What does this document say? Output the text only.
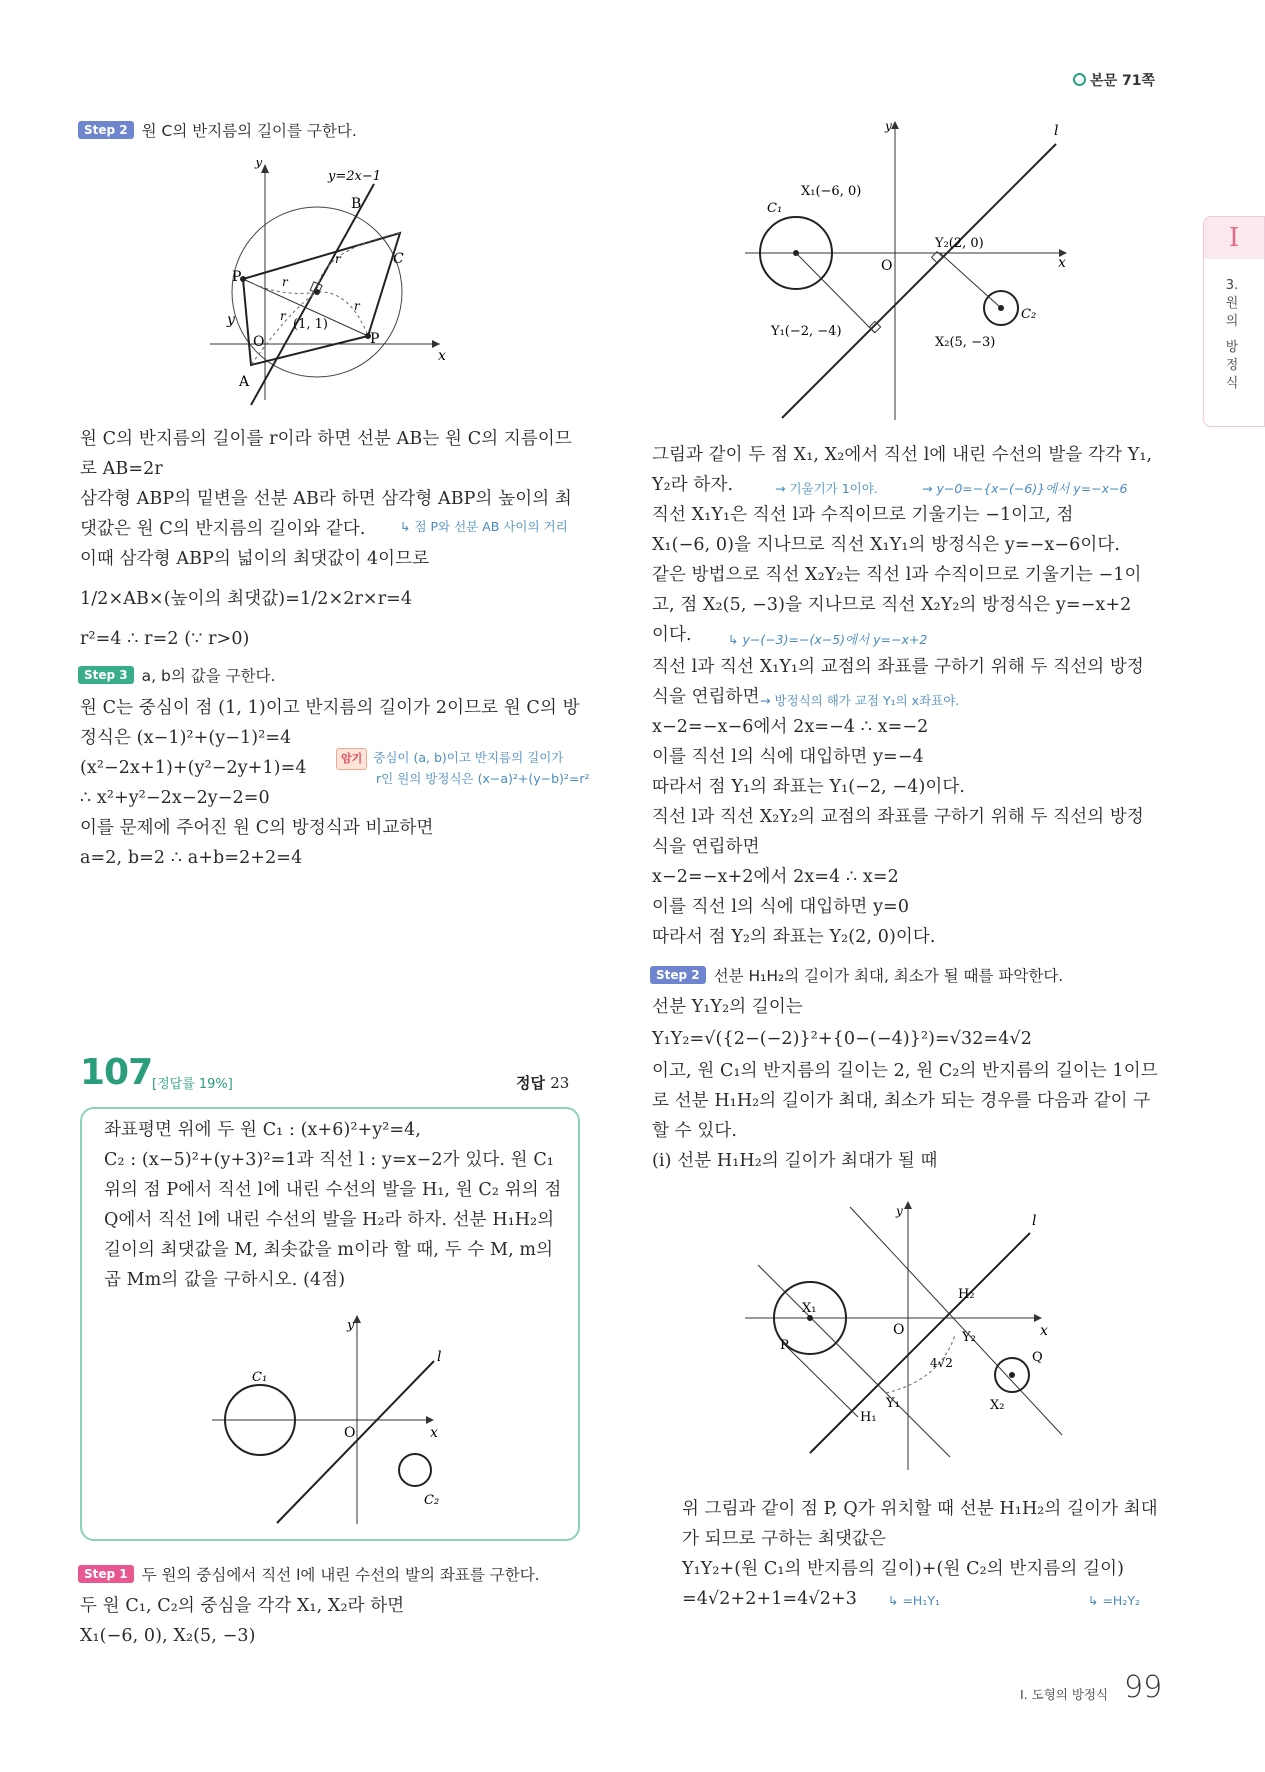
본문 71쪽
I
3.
원
의
방
정
식
Step 2 원 C의 반지름의 길이를 구한다.
y
y
y=2x−1
B
P
P
A
O
x
C
(1, 1)
r
r
r
r
원 C의 반지름의 길이를 r이라 하면 선분 AB는 원 C의 지름이므
로 AB=2r
삼각형 ABP의 밑변을 선분 AB라 하면 삼각형 ABP의 높이의 최
댓값은 원 C의 반지름의 길이와 같다.	↳ 점 P와 선분 AB 사이의 거리
이때 삼각형 ABP의 넓이의 최댓값이 4이므로
1/2×AB×(높이의 최댓값)=1/2×2r×r=4
r²=4 ∴ r=2 (∵ r>0)
Step 3 a, b의 값을 구한다.
원 C는 중심이 점 (1, 1)이고 반지름의 길이가 2이므로 원 C의 방
정식은 (x−1)²+(y−1)²=4
(x²−2x+1)+(y²−2y+1)=4
∴ x²+y²−2x−2y−2=0
이를 문제에 주어진 원 C의 방정식과 비교하면
a=2, b=2 ∴ a+b=2+2=4
암기 중심이 (a, b)이고 반지름의 길이가
r인 원의 방정식은 (x−a)²+(y−b)²=r²
107 [정답률 19%]	정답 23
좌표평면 위에 두 원 C₁ : (x+6)²+y²=4,
C₂ : (x−5)²+(y+3)²=1과 직선 l : y=x−2가 있다. 원 C₁
위의 점 P에서 직선 l에 내린 수선의 발을 H₁, 원 C₂ 위의 점
Q에서 직선 l에 내린 수선의 발을 H₂라 하자. 선분 H₁H₂의
길이의 최댓값을 M, 최솟값을 m이라 할 때, 두 수 M, m의
곱 Mm의 값을 구하시오. (4점)
y
l
x
O
C₁
C₂
Step 1 두 원의 중심에서 직선 l에 내린 수선의 발의 좌표를 구한다.
두 원 C₁, C₂의 중심을 각각 X₁, X₂라 하면
X₁(−6, 0), X₂(5, −3)
y	l
x
O
C₁
C₂
X₁(−6, 0)
Y₂(2, 0)
Y₁(−2, −4)
X₂(5, −3)
그림과 같이 두 점 X₁, X₂에서 직선 l에 내린 수선의 발을 각각 Y₁,
Y₂라 하자.	→ 기울기가 1이야.	→ y−0=−{x−(−6)}에서 y=−x−6
직선 X₁Y₁은 직선 l과 수직이므로 기울기는 −1이고, 점
X₁(−6, 0)을 지나므로 직선 X₁Y₁의 방정식은 y=−x−6이다.
같은 방법으로 직선 X₂Y₂는 직선 l과 수직이므로 기울기는 −1이
고, 점 X₂(5, −3)을 지나므로 직선 X₂Y₂의 방정식은 y=−x+2
이다.	↳ y−(−3)=−(x−5)에서 y=−x+2
직선 l과 직선 X₁Y₁의 교점의 좌표를 구하기 위해 두 직선의 방정
식을 연립하면 → 방정식의 해가 교점 Y₁의 x좌표야.
x−2=−x−6에서 2x=−4 ∴ x=−2
이를 직선 l의 식에 대입하면 y=−4
따라서 점 Y₁의 좌표는 Y₁(−2, −4)이다.
직선 l과 직선 X₂Y₂의 교점의 좌표를 구하기 위해 두 직선의 방정
식을 연립하면
x−2=−x+2에서 2x=4 ∴ x=2
이를 직선 l의 식에 대입하면 y=0
따라서 점 Y₂의 좌표는 Y₂(2, 0)이다.
Step 2 선분 H₁H₂의 길이가 최대, 최소가 될 때를 파악한다.
선분 Y₁Y₂의 길이는
Y₁Y₂=√({2−(−2)}²+{0−(−4)}²)=√32=4√2
이고, 원 C₁의 반지름의 길이는 2, 원 C₂의 반지름의 길이는 1이므
로 선분 H₁H₂의 길이가 최대, 최소가 되는 경우를 다음과 같이 구
할 수 있다.
(i) 선분 H₁H₂의 길이가 최대가 될 때
y
l
x
O
X₁
X₂
Y₁
Y₂
H₁
H₂
P
Q
4√2
위 그림과 같이 점 P, Q가 위치할 때 선분 H₁H₂의 길이가 최대
가 되므로 구하는 최댓값은
Y₁Y₂+(원 C₁의 반지름의 길이)+(원 C₂의 반지름의 길이)
=4√2+2+1=4√2+3 ↳ =H₁Y₁	↳ =H₂Y₂
I. 도형의 방정식 99
